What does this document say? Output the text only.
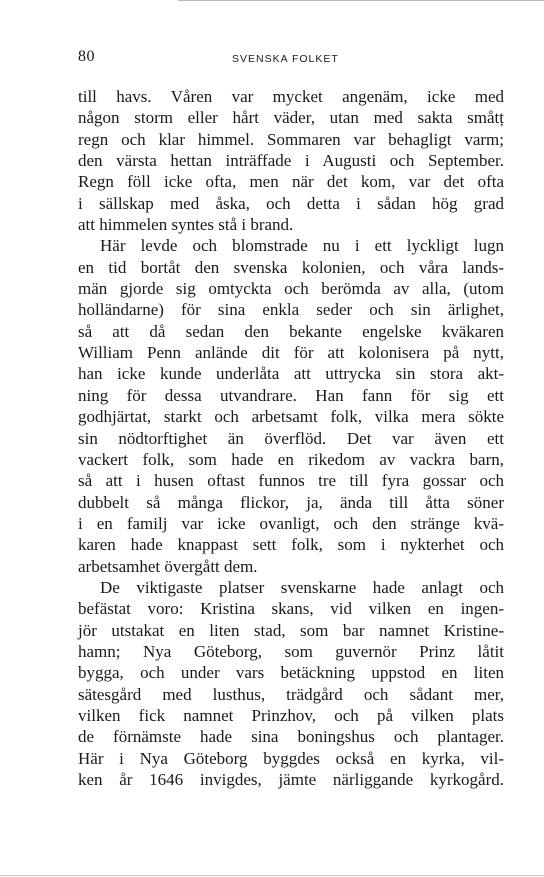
80	SVENSKA FOLKET

till havs. Våren var mycket angenäm, icke med
någon storm eller hårt väder, utan med sakta småtț
regn och klar himmel. Sommaren var behagligt varm;
den värsta hettan inträffade i Augusti och September.
Regn föll icke ofta, men när det kom, var det ofta
i sällskap med åska, och detta i sådan hög grad
att himmelen syntes stå i brand.
Här levde och blomstrade nu i ett lyckligt lugn
en tid bortåt den svenska kolonien, och våra lands-
män gjorde sig omtyckta och berömda av alla, (utom
holländarne) för sina enkla seder och sin ärlighet,
så att då sedan den bekante engelske kväkaren
William Penn anlände dit för att kolonisera på nytt,
han icke kunde underlåta att uttrycka sin stora akt-
ning för dessa utvandrare. Han fann för sig ett
godhjärtat, starkt och arbetsamt folk, vilka mera sökte
sin nödtorftighet än överflöd. Det var även ett
vackert folk, som hade en rikedom av vackra barn,
så att i husen oftast funnos tre till fyra gossar och
dubbelt så många flickor, ja, ända till åtta söner
i en familj var icke ovanligt, och den stränge kvä-
karen hade knappast sett folk, som i nykterhet och
arbetsamhet övergått dem.
De viktigaste platser svenskarne hade anlagt och
befästat voro: Kristina skans, vid vilken en ingen-
jör utstakat en liten stad, som bar namnet Kristine-
hamn; Nya Göteborg, som guvernör Prinz låtit
bygga, och under vars betäckning uppstod en liten
sätesgård med lusthus, trädgård och sådant mer,
vilken fick namnet Prinzhov, och på vilken plats
de förnämste hade sina boningshus och plantager.
Här i Nya Göteborg byggdes också en kyrka, vil-
ken år 1646 invigdes, jämte närliggande kyrkogård.
